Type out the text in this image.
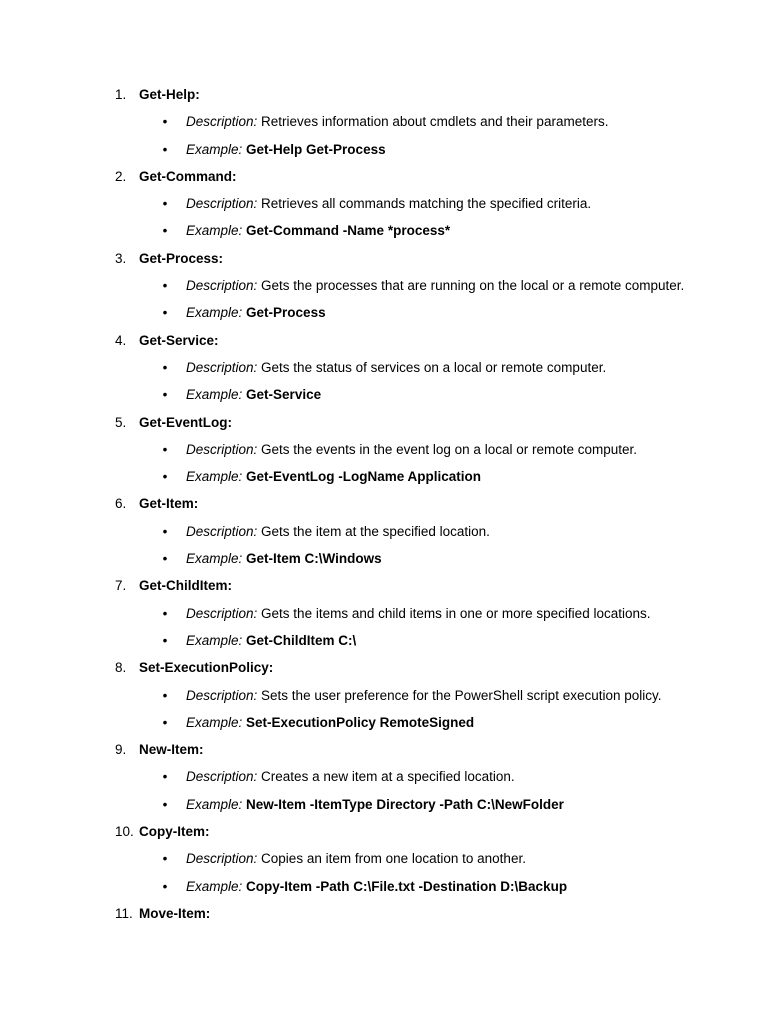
1. Get-Help:
• Description: Retrieves information about cmdlets and their parameters.
• Example: Get-Help Get-Process
2. Get-Command:
• Description: Retrieves all commands matching the specified criteria.
• Example: Get-Command -Name *process*
3. Get-Process:
• Description: Gets the processes that are running on the local or a remote computer.
• Example: Get-Process
4. Get-Service:
• Description: Gets the status of services on a local or remote computer.
• Example: Get-Service
5. Get-EventLog:
• Description: Gets the events in the event log on a local or remote computer.
• Example: Get-EventLog -LogName Application
6. Get-Item:
• Description: Gets the item at the specified location.
• Example: Get-Item C:\Windows
7. Get-ChildItem:
• Description: Gets the items and child items in one or more specified locations.
• Example: Get-ChildItem C:\
8. Set-ExecutionPolicy:
• Description: Sets the user preference for the PowerShell script execution policy.
• Example: Set-ExecutionPolicy RemoteSigned
9. New-Item:
• Description: Creates a new item at a specified location.
• Example: New-Item -ItemType Directory -Path C:\NewFolder
10. Copy-Item:
• Description: Copies an item from one location to another.
• Example: Copy-Item -Path C:\File.txt -Destination D:\Backup
11. Move-Item:
